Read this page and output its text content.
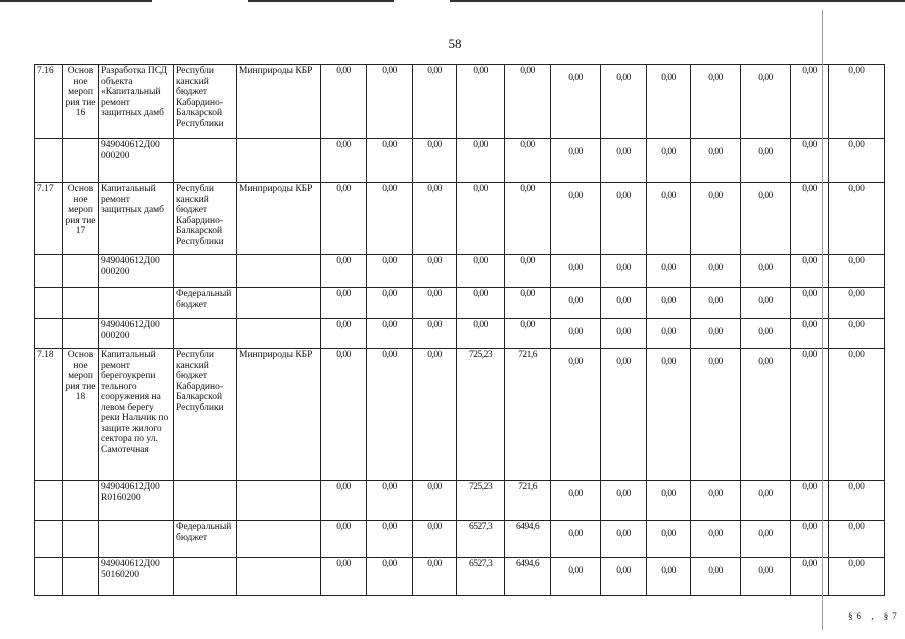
58
7.16	Основ ное мероп рия тие 16	Разработка ПСД объекта «Капитальный ремонт защитных дамб	Республи канский бюджет Кабардино-Балкарской Республики	Минприроды КБР	0,00	0,00	0,00	0,00	0,00	0,00	0,00	0,00	0,00	0,00	0,00	0,00
		949040612Д00 000200			0,00	0,00	0,00	0,00	0,00	0,00	0,00	0,00	0,00	0,00	0,00	0,00
7.17	Основ ное мероп рия тие 17	Капитальный ремонт защитных дамб	Республи канский бюджет Кабардино-Балкарской Республики	Минприроды КБР	0,00	0,00	0,00	0,00	0,00	0,00	0,00	0,00	0,00	0,00	0,00	0,00
		949040612Д00 000200			0,00	0,00	0,00	0,00	0,00	0,00	0,00	0,00	0,00	0,00	0,00	0,00
			Федеральный бюджет		0,00	0,00	0,00	0,00	0,00	0,00	0,00	0,00	0,00	0,00	0,00	0,00
		949040612Д00 000200			0,00	0,00	0,00	0,00	0,00	0,00	0,00	0,00	0,00	0,00	0,00	0,00
7.18	Основ ное мероп рия тие 18	Капитальный ремонт берегоукрепи тельного сооружения на левом берегу реки Нальчик по защите жилого сектора по ул. Самотечная	Республи канский бюджет Кабардино-Балкарской Республики	Минприроды КБР	0,00	0,00	0,00	725,23	721,6	0,00	0,00	0,00	0,00	0,00	0,00	0,00
		949040612Д00 R0160200			0,00	0,00	0,00	725,23	721,6	0,00	0,00	0,00	0,00	0,00	0,00	0,00
			Федеральный бюджет		0,00	0,00	0,00	6527,3	6494,6	0,00	0,00	0,00	0,00	0,00	0,00	0,00
		949040612Д00 50160200			0,00	0,00	0,00	6527,3	6494,6	0,00	0,00	0,00	0,00	0,00	0,00	0,00
§6 , §7
